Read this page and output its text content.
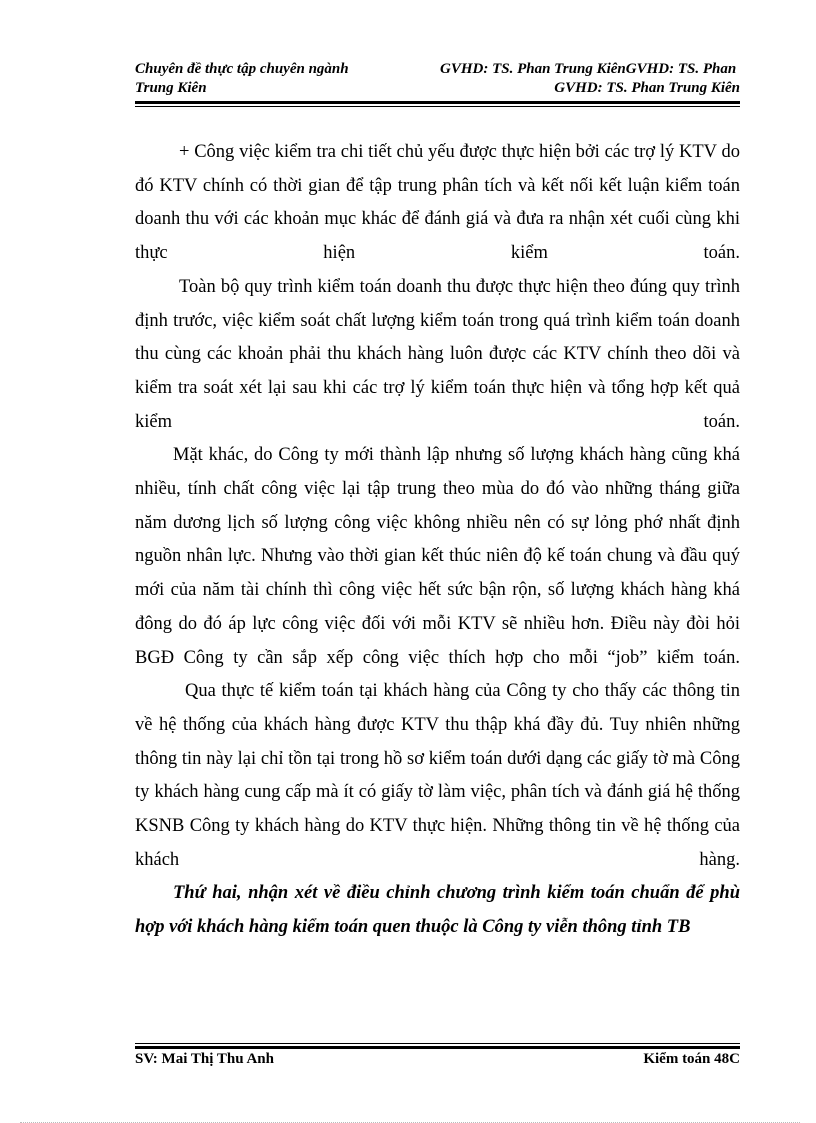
Chuyên đề thực tập chuyên ngành	GVHD: TS. Phan Trung KiênGVHD: TS. Phan
Trung Kiên	GVHD: TS. Phan Trung Kiên

+ Công việc kiểm tra chi tiết chủ yếu được thực hiện bởi các trợ lý KTV do đó KTV chính có thời gian để tập trung phân tích và kết nối kết luận kiểm toán doanh thu với các khoản mục khác để đánh giá và đưa ra nhận xét cuối cùng khi thực hiện kiểm toán.

Toàn bộ quy trình kiểm toán doanh thu được thực hiện theo đúng quy trình định trước, việc kiểm soát chất lượng kiểm toán trong quá trình kiểm toán doanh thu cùng các khoản phải thu khách hàng luôn được các KTV chính theo dõi và kiểm tra soát xét lại sau khi các trợ lý kiểm toán thực hiện và tổng hợp kết quả kiểm toán.

Mặt khác, do Công ty mới thành lập nhưng số lượng khách hàng cũng khá nhiều, tính chất công việc lại tập trung theo mùa do đó vào những tháng giữa năm dương lịch số lượng công việc không nhiều nên có sự lỏng phớ nhất định nguồn nhân lực. Nhưng vào thời gian kết thúc niên độ kế toán chung và đầu quý mới của năm tài chính thì công việc hết sức bận rộn, số lượng khách hàng khá đông do đó áp lực công việc đối với mỗi KTV sẽ nhiều hơn. Điều này đòi hỏi BGĐ Công ty cần sắp xếp công việc thích hợp cho mỗi “job” kiểm toán.

Qua thực tế kiểm toán tại khách hàng của Công ty cho thấy các thông tin về hệ thống của khách hàng được KTV thu thập khá đầy đủ. Tuy nhiên những thông tin này lại chỉ tồn tại trong hồ sơ kiểm toán dưới dạng các giấy tờ mà Công ty khách hàng cung cấp mà ít có giấy tờ làm việc, phân tích và đánh giá hệ thống KSNB Công ty khách hàng do KTV thực hiện. Những thông tin về hệ thống của khách hàng.

Thứ hai, nhận xét về điều chỉnh chương trình kiểm toán chuẩn để phù hợp với khách hàng kiểm toán quen thuộc là Công ty viễn thông tỉnh TB

SV: Mai Thị Thu Anh	Kiểm toán 48C
